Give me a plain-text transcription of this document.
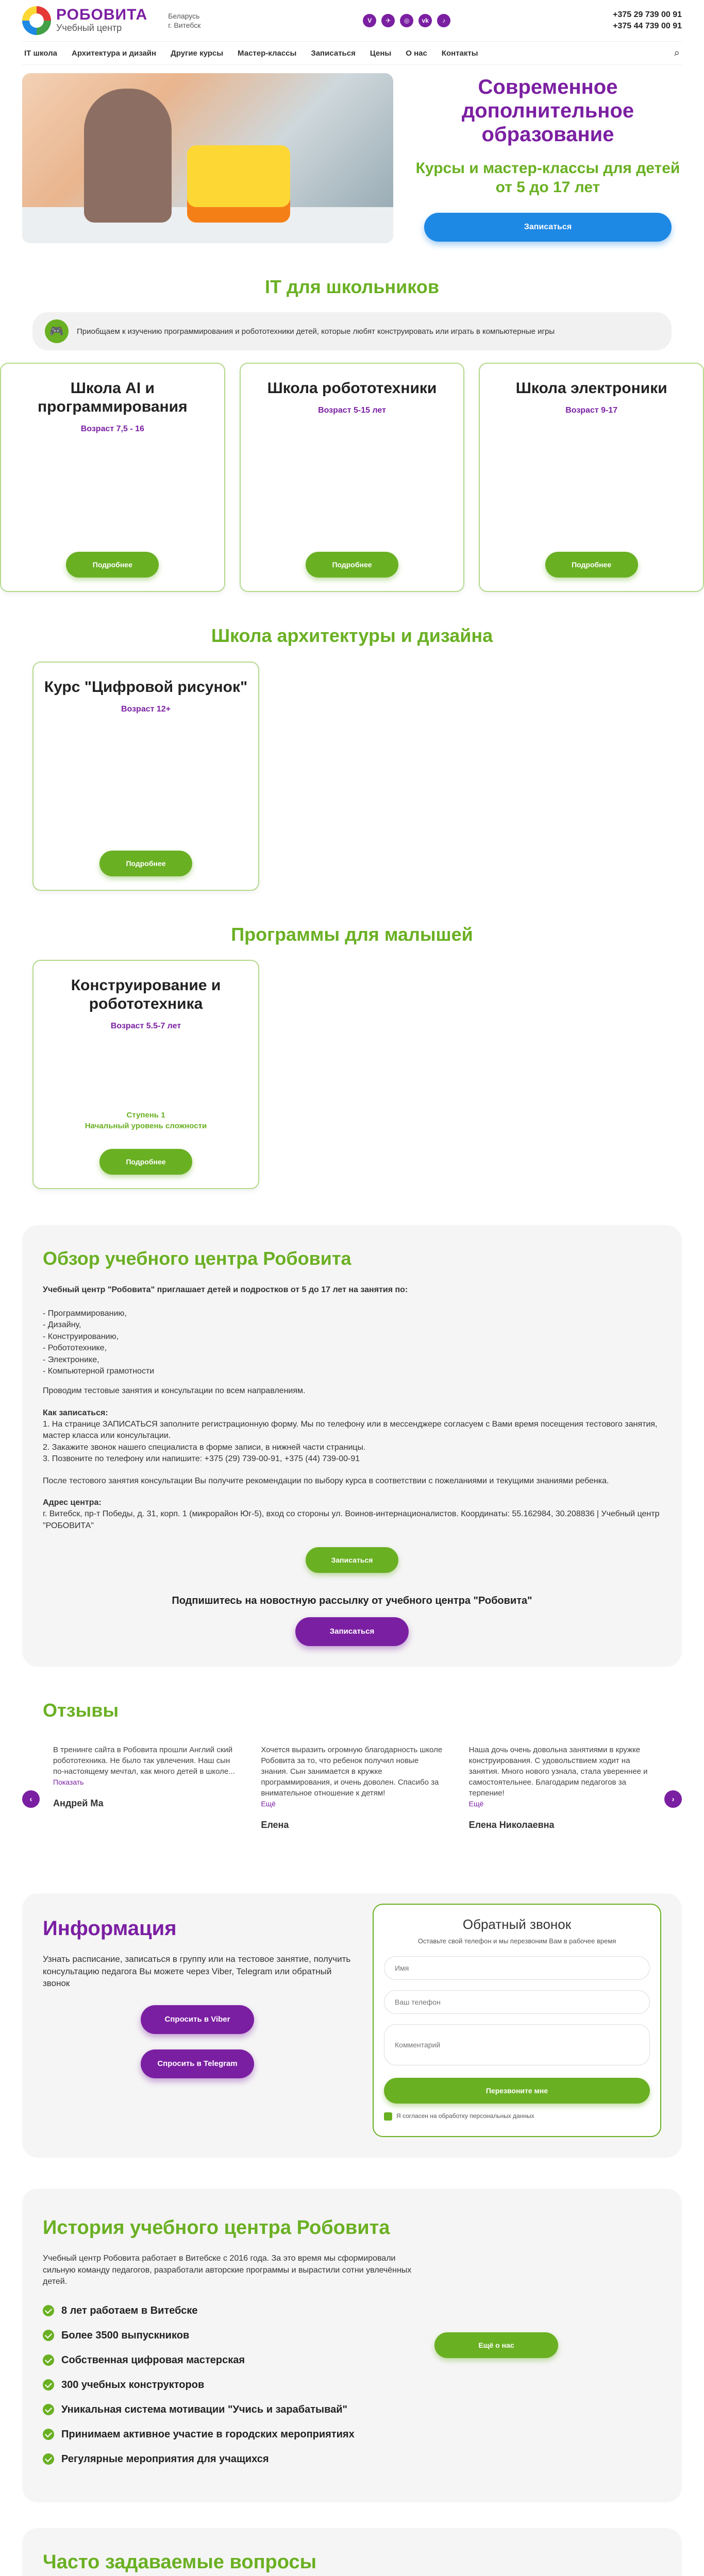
РОБОВИТА
Учебный центр
Беларусь
г. Витебск
V	✈	◎	vk	♪
+375 29 739 00 91
+375 44 739 00 91
IT школа Архитектура и дизайн Другие курсы Мастер-классы Записаться Цены О нас Контакты	⌕
Современное дополнительное образование
Курсы и мастер-классы для детей от 5 до 17 лет
Записаться
IT для школьников
🎮	Приобщаем к изучению программирования и робототехники детей, которые любят конструировать или играть в компьютерные игры

Школа AI и программирования
Возраст 7,5 - 16
Подробнее
Школа робототехники
Возраст 5-15 лет
Подробнее
Школа электроники
Возраст 9-17
Подробнее
Школа архитектуры и дизайна
Курс "Цифровой рисунок"
Возраст 12+
Подробнее
Программы для малышей
Конструирование и робототехника
Возраст 5.5-7 лет
Ступень 1
Начальный уровень сложности
Подробнее
Обзор учебного центра Робовита

Учебный центр "Робовита" приглашает детей и подростков от 5 до 17 лет на занятия по:

- Программированию,
- Дизайну,
- Конструированию,
- Робототехнике,
- Электронике,
- Компьютерной грамотности

Проводим тестовые занятия и консультации по всем направлениям.

Как записаться:

1. На странице ЗАПИСАТЬСЯ заполните регистрационную форму. Мы по телефону или в мессенджере согласуем с Вами время посещения тестового занятия, мастер класса или консультации.

2. Закажите звонок нашего специалиста в форме записи, в нижней части страницы.

3. Позвоните по телефону или напишите: +375 (29) 739-00-91, +375 (44) 739-00-91

После тестового занятия консультации Вы получите рекомендации по выбору курса в соответствии с пожеланиями и текущими знаниями ребенка.

Адрес центра:

г. Витебск, пр-т Победы, д. 31, корп. 1 (микрорайон Юг-5), вход со стороны ул. Воинов-интернационалистов. Координаты: 55.162984, 30.208836 | Учебный центр "РОБОВИТА"

Записаться
Подпишитесь на новостную рассылку от учебного центра "Робовита"
Записаться
Отзывы

В тренинге сайта в Робовита прошли Англий ский робототехника. Не было так увлечения. Наш сын по-настоящему мечтал, как много детей в школе...

Показать
Андрей Ма

Хочется выразить огромную благодарность школе Робовита за то, что ребенок получил новые знания. Сын занимается в кружке программирования, и очень доволен. Спасибо за внимательное отношение к детям!

Ещё
Елена

Наша дочь очень довольна занятиями в кружке конструирования. С удовольствием ходит на занятия. Много нового узнала, стала увереннее и самостоятельнее. Благодарим педагогов за терпение!

Ещё
Елена Николаевна
‹	›
Информация

Узнать расписание, записаться в группу или на тестовое занятие, получить консультацию педагога Вы можете через Viber, Telegram или обратный звонок

Спросить в Viber
Спросить в Telegram
Обратный звонок

Оставьте свой телефон и мы перезвоним Вам в рабочее время

Имя
Ваш телефон
Комментарий
Перезвоните мне
Я согласен на обработку персональных данных
История учебного центра Робовита

Учебный центр Робовита работает в Витебске с 2016 года. За это время мы сформировали сильную команду педагогов, разработали авторские программы и вырастили сотни увлечённых детей.

8 лет работаем в Витебске
Более 3500 выпускников
Собственная цифровая мастерская
300 учебных конструкторов
Уникальная система мотивации "Учись и зарабатывай"
Принимаем активное участие в городских мероприятиях
Регулярные мероприятия для учащихся
Ещё о нас
Часто задаваемые вопросы
